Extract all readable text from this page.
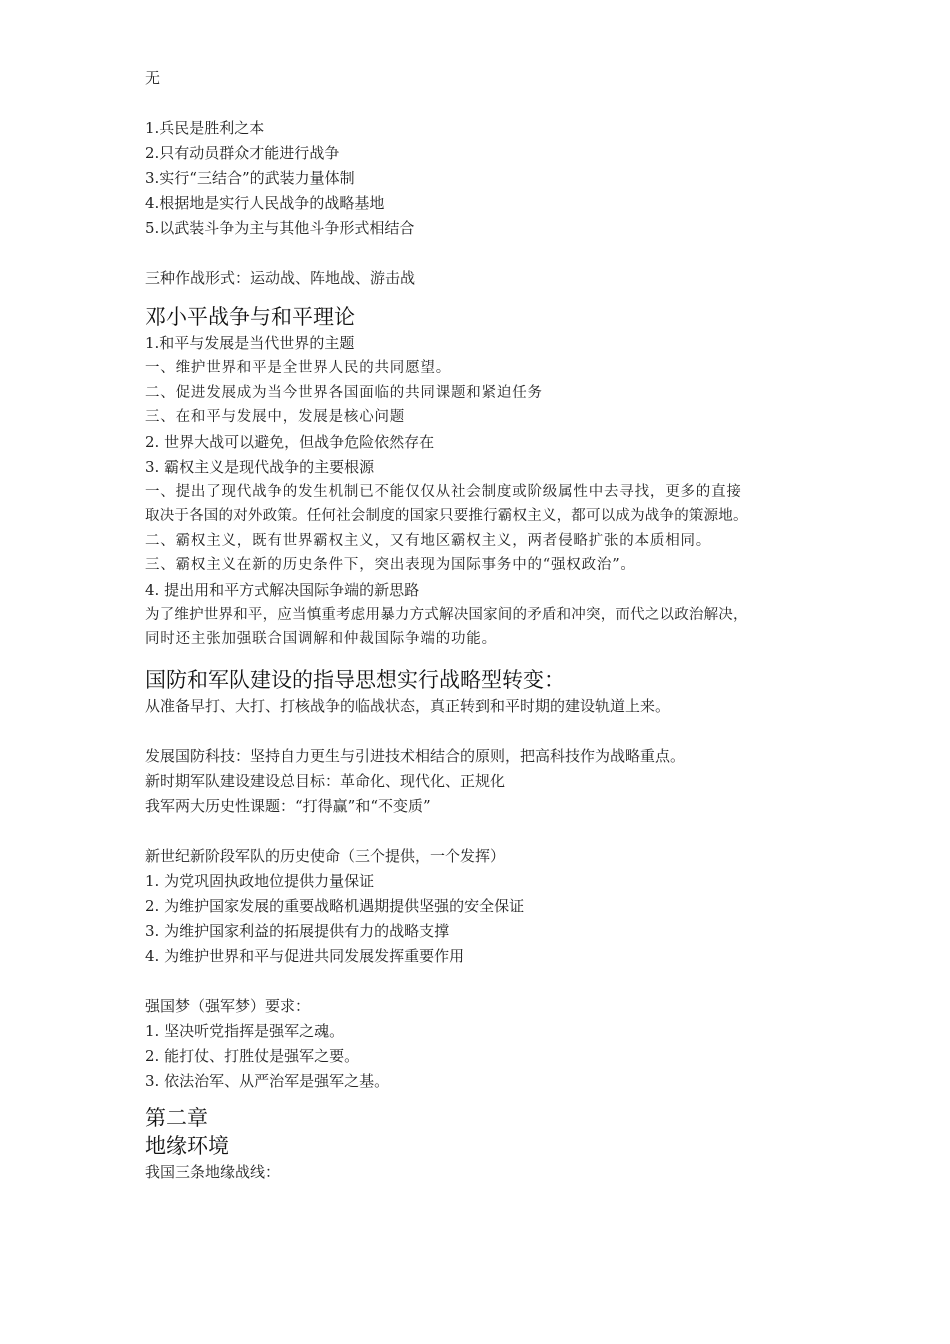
无
1.兵民是胜利之本
2.只有动员群众才能进行战争
3.实行“三结合”的武装力量体制
4.根据地是实行人民战争的战略基地
5.以武装斗争为主与其他斗争形式相结合
三种作战形式：运动战、阵地战、游击战
邓小平战争与和平理论
1.和平与发展是当代世界的主题
一、维护世界和平是全世界人民的共同愿望。
二、促进发展成为当今世界各国面临的共同课题和紧迫任务
三、在和平与发展中，发展是核心问题
2. 世界大战可以避免，但战争危险依然存在
3. 霸权主义是现代战争的主要根源
一、提出了现代战争的发生机制已不能仅仅从社会制度或阶级属性中去寻找，更多的直接
取决于各国的对外政策。任何社会制度的国家只要推行霸权主义，都可以成为战争的策源地。
二、霸权主义，既有世界霸权主义，又有地区霸权主义，两者侵略扩张的本质相同。
三、霸权主义在新的历史条件下，突出表现为国际事务中的“强权政治”。
4. 提出用和平方式解决国际争端的新思路
为了维护世界和平，应当慎重考虑用暴力方式解决国家间的矛盾和冲突，而代之以政治解决，
同时还主张加强联合国调解和仲裁国际争端的功能。
国防和军队建设的指导思想实行战略型转变：
从准备早打、大打、打核战争的临战状态，真正转到和平时期的建设轨道上来。
发展国防科技：坚持自力更生与引进技术相结合的原则，把高科技作为战略重点。
新时期军队建设建设总目标：革命化、现代化、正规化
我军两大历史性课题：“打得赢”和“不变质”
新世纪新阶段军队的历史使命（三个提供，一个发挥）
1. 为党巩固执政地位提供力量保证
2. 为维护国家发展的重要战略机遇期提供坚强的安全保证
3. 为维护国家利益的拓展提供有力的战略支撑
4. 为维护世界和平与促进共同发展发挥重要作用
强国梦（强军梦）要求：
1. 坚决听党指挥是强军之魂。
2. 能打仗、打胜仗是强军之要。
3. 依法治军、从严治军是强军之基。
第二章
地缘环境
我国三条地缘战线：
